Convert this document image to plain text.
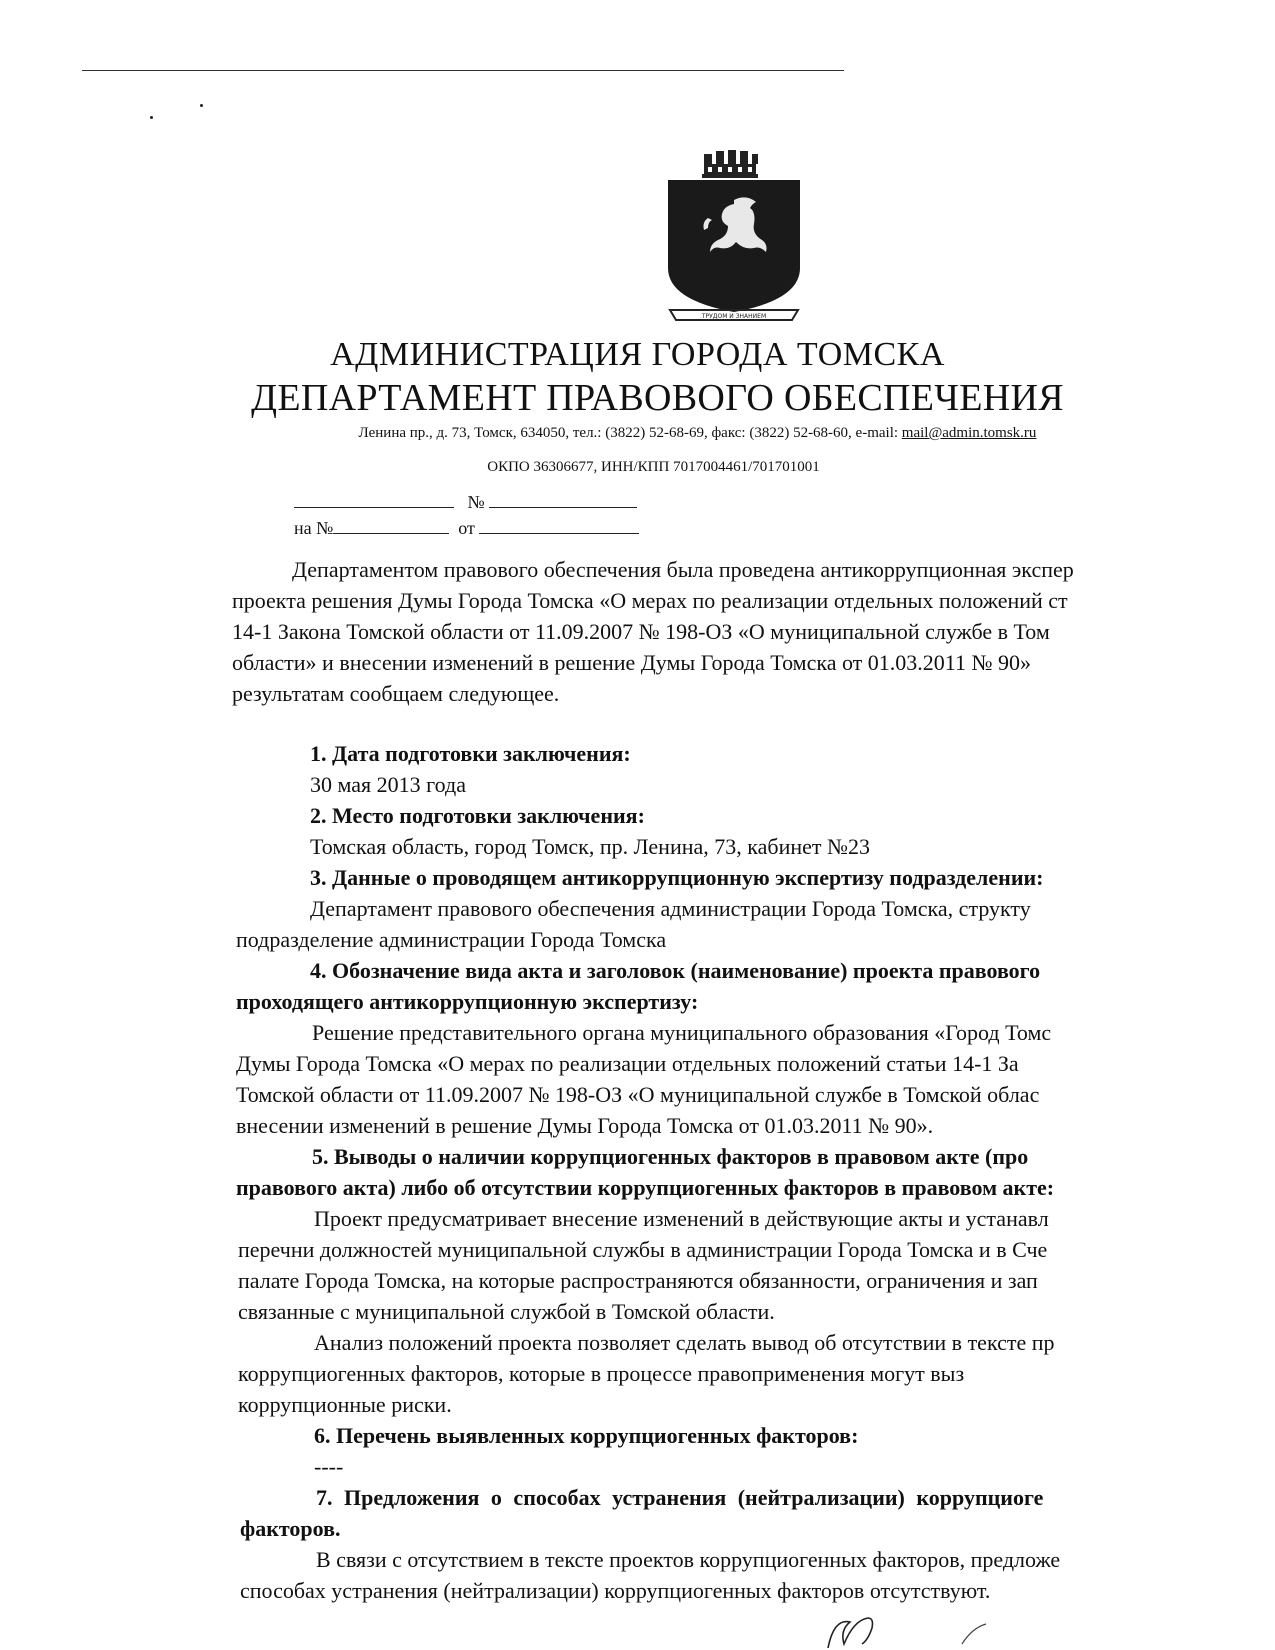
ТРУДОМ И ЗНАНИЕМ
АДМИНИСТРАЦИЯ ГОРОДА ТОМСКА
ДЕПАРТАМЕНТ ПРАВОВОГО ОБЕСПЕЧЕНИЯ
Ленина пр., д. 73, Томск, 634050, тел.: (3822) 52-68-69, факс: (3822) 52-68-60, e-mail: mail@admin.tomsk.ru
ОКПО 36306677, ИНН/КПП 7017004461/701701001
№
на №	от
Департаментом правового обеспечения была проведена антикоррупционная экспер
проекта решения Думы Города Томска «О мерах по реализации отдельных положений ст
14-1 Закона Томской области от 11.09.2007 № 198-ОЗ «О муниципальной службе в Том
области» и внесении изменений в решение Думы Города Томска от 01.03.2011 № 90»
результатам сообщаем следующее.
1. Дата подготовки заключения:
30 мая 2013 года
2. Место подготовки заключения:
Томская область, город Томск, пр. Ленина, 73, кабинет №23
3. Данные о проводящем антикоррупционную экспертизу подразделении:
Департамент правового обеспечения администрации Города Томска, структу
подразделение администрации Города Томска
4. Обозначение вида акта и заголовок (наименование) проекта правового
проходящего антикоррупционную экспертизу:
Решение представительного органа муниципального образования «Город Томс
Думы Города Томска «О мерах по реализации отдельных положений статьи 14-1 За
Томской области от 11.09.2007 № 198-ОЗ «О муниципальной службе в Томской облас
внесении изменений в решение Думы Города Томска от 01.03.2011 № 90».
5. Выводы о наличии коррупциогенных факторов в правовом акте (про
правового акта) либо об отсутствии коррупциогенных факторов в правовом акте:
Проект предусматривает внесение изменений в действующие акты и устанавл
перечни должностей муниципальной службы в администрации Города Томска и в Сче
палате Города Томска, на которые распространяются обязанности, ограничения и зап
связанные с муниципальной службой в Томской области.
Анализ положений проекта позволяет сделать вывод об отсутствии в тексте пр
коррупциогенных факторов, которые в процессе правоприменения могут выз
коррупционные риски.
6. Перечень выявленных коррупциогенных факторов:
----
7. Предложения о способах устранения (нейтрализации) коррупциоге
факторов.
В связи с отсутствием в тексте проектов коррупциогенных факторов, предложе
способах устранения (нейтрализации) коррупциогенных факторов отсутствуют.
